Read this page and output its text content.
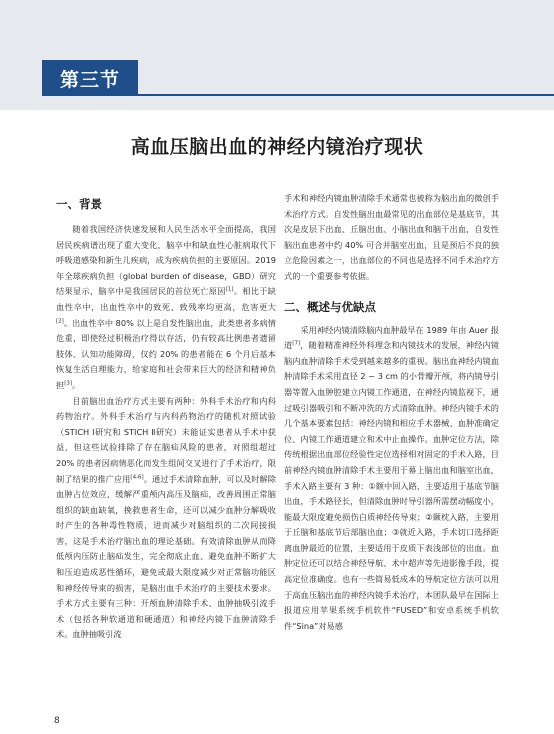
第三节
高血压脑出血的神经内镜治疗现状
一、背景

随着我国经济快速发展和人民生活水平全面提高，我国居民疾病谱出现了重大变化，脑卒中和缺血性心脏病取代下呼吸道感染和新生儿疾病，成为疾病负担的主要原因。2019 年全球疾病负担（global burden of disease，GBD）研究结果显示，脑卒中是我国居民的首位死亡原因[1]。相比于缺血性卒中，出血性卒中的致死、致残率均更高，危害更大[2]。出血性卒中 80% 以上是自发性脑出血，此类患者多病情危重，即使经过积极治疗得以存活，仍有较高比例患者遗留肢体、认知功能障碍，仅约 20% 的患者能在 6 个月后基本恢复生活自理能力，给家庭和社会带来巨大的经济和精神负担[3]。

目前脑出血治疗方式主要有两种：外科手术治疗和内科药物治疗。外科手术治疗与内科药物治疗的随机对照试验（STICH Ⅰ研究和 STICH Ⅱ研究）未能证实患者从手术中获益，但这些试验排除了存在脑疝风险的患者，对照组超过 20% 的患者因病情恶化而发生组间交叉进行了手术治疗，限制了结果的推广应用[4-6]。通过手术清除血肿，可以及时解除血肿占位效应，缓解严重颅内高压及脑疝，改善周围正常脑组织的缺血缺氧，挽救患者生命，还可以减少血肿分解吸收时产生的各种毒性物质，进而减少对脑组织的二次间接损害，这是手术治疗脑出血的理论基础。有效清除血肿从而降低颅内压防止脑疝发生，完全彻底止血、避免血肿不断扩大和压迫造成恶性循环，避免或最大限度减少对正常脑功能区和神经传导束的损害，是脑出血手术治疗的主要技术要求。手术方式主要有三种：开颅血肿清除手术、血肿抽吸引流手术（包括各种软通道和硬通道）和神经内镜下血肿清除手术。血肿抽吸引流

手术和神经内镜血肿清除手术通常也被称为脑出血的微创手术治疗方式。自发性脑出血最常见的出血部位是基底节，其次是皮层下出血、丘脑出血、小脑出血和脑干出血，自发性脑出血患者中约 40% 可合并脑室出血，且是预后不良的独立危险因素之一，出血部位的不同也是选择不同手术治疗方式的一个重要参考依据。

二、概述与优缺点

采用神经内镜清除脑内血肿最早在 1989 年由 Auer 报道[7]，随着精准神经外科理念和内镜技术的发展，神经内镜脑内血肿清除手术受到越来越多的重视。脑出血神经内镜血肿清除手术采用直径 2 ~ 3 cm 的小骨瓣开颅，将内镜导引器等置入血肿腔建立内镜工作通道，在神经内镜监视下，通过吸引器吸引和不断冲洗的方式清除血肿。神经内镜手术的几个基本要素包括：神经内镜和相应手术器械、血肿准确定位、内镜工作通道建立和术中止血操作。血肿定位方法，除传统根据出血部位经验性定位选择相对固定的手术入路，目前神经内镜血肿清除手术主要用于幕上脑出血和脑室出血，手术入路主要有 3 种：①额中回入路，主要适用于基底节脑出血，手术路径长，但清除血肿时导引器所需摆动幅度小，能最大限度避免损伤白质神经传导束；②颞枕入路，主要用于丘脑和基底节后部脑出血；③就近入路，手术切口选择距离血肿最近的位置，主要适用于皮质下表浅部位的出血。血肿定位还可以结合神经导航、术中超声等先进影像手段，提高定位准确度。也有一些简易低成本的导航定位方法可以用于高血压脑出血的神经内镜手术治疗，本团队最早在国际上报道应用苹果系统手机软件“FUSED”和安卓系统手机软件“Sina”对易感

8
